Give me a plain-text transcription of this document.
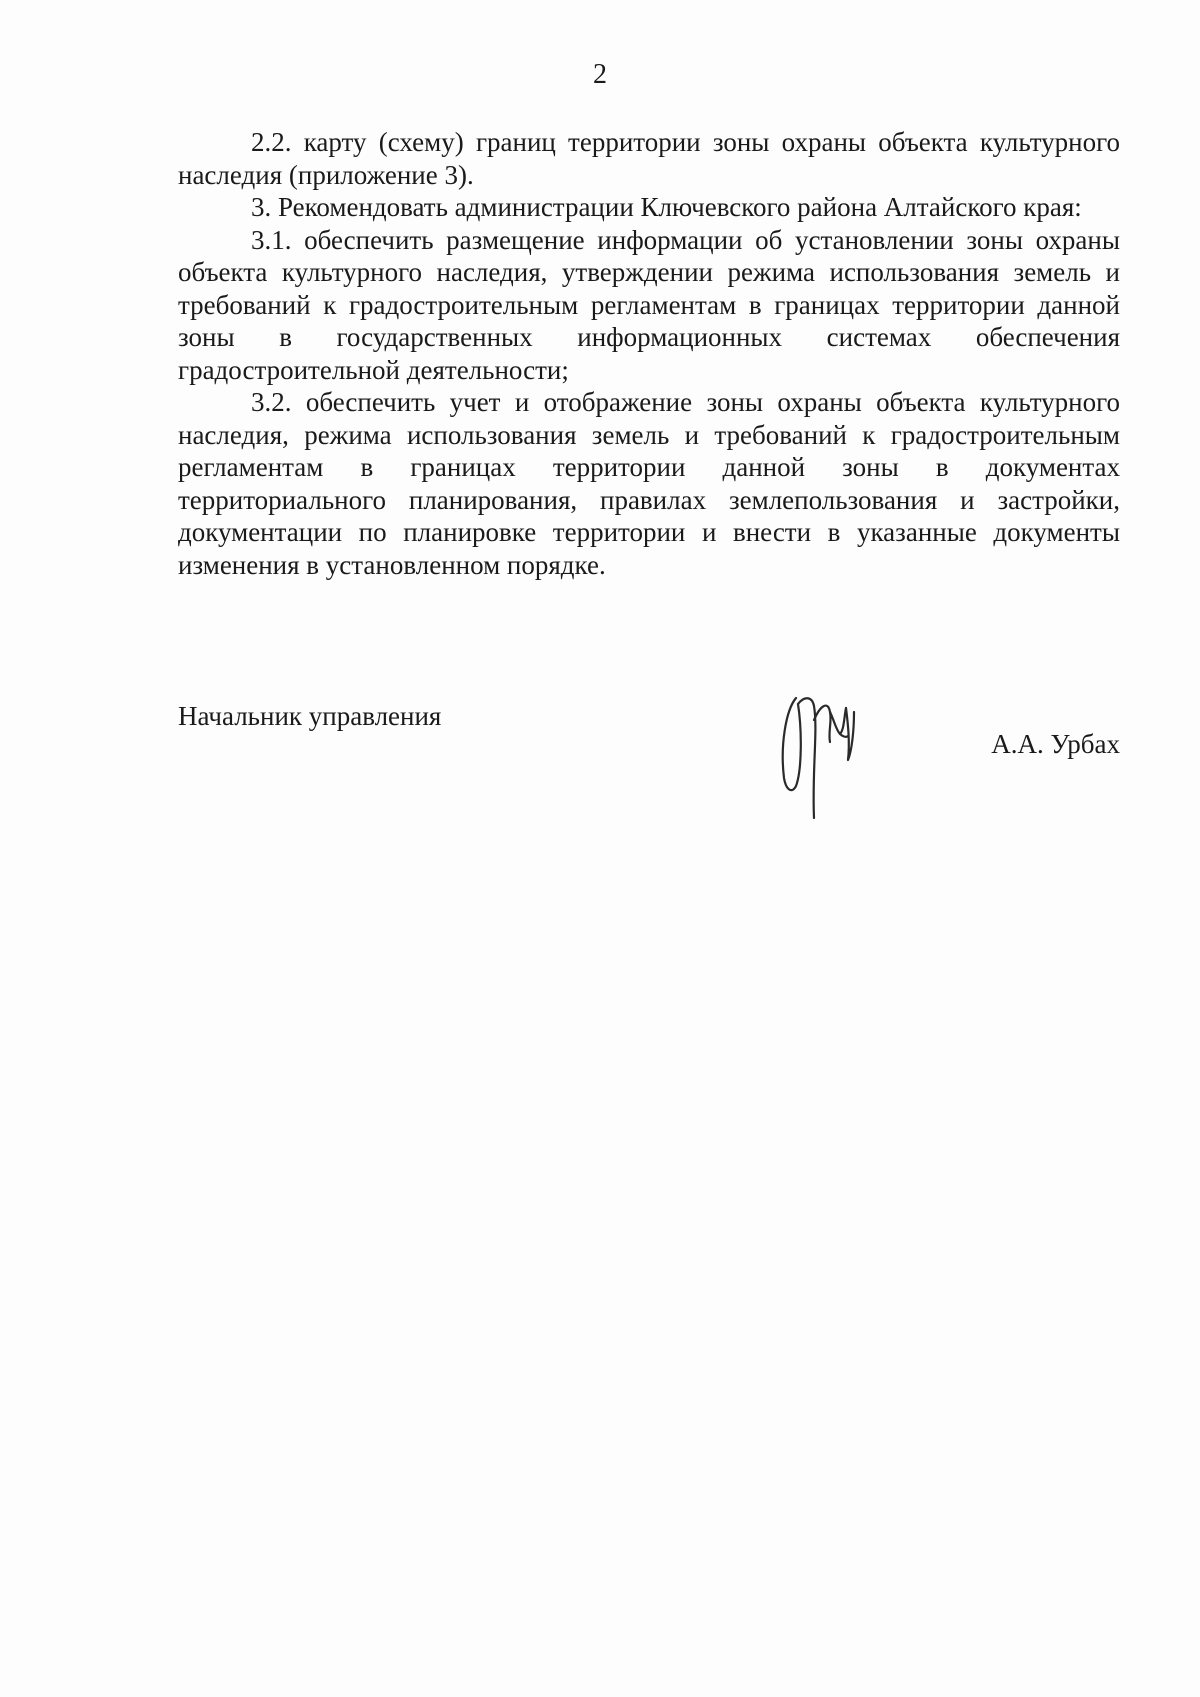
2

2.2. карту (схему) границ территории зоны охраны объекта культурного наследия (приложение 3).

3. Рекомендовать администрации Ключевского района Алтайского края:

3.1. обеспечить размещение информации об установлении зоны охраны объекта культурного наследия, утверждении режима использования земель и требований к градостроительным регламентам в границах территории данной зоны в государственных информационных системах обеспечения градостроительной деятельности;

3.2. обеспечить учет и отображение зоны охраны объекта культурного наследия, режима использования земель и требований к градостроительным регламентам в границах территории данной зоны в документах территориального планирования, правилах землепользования и застройки, документации по планировке территории и внести в указанные документы изменения в установленном порядке.

Начальник управления
А.А. Урбах
